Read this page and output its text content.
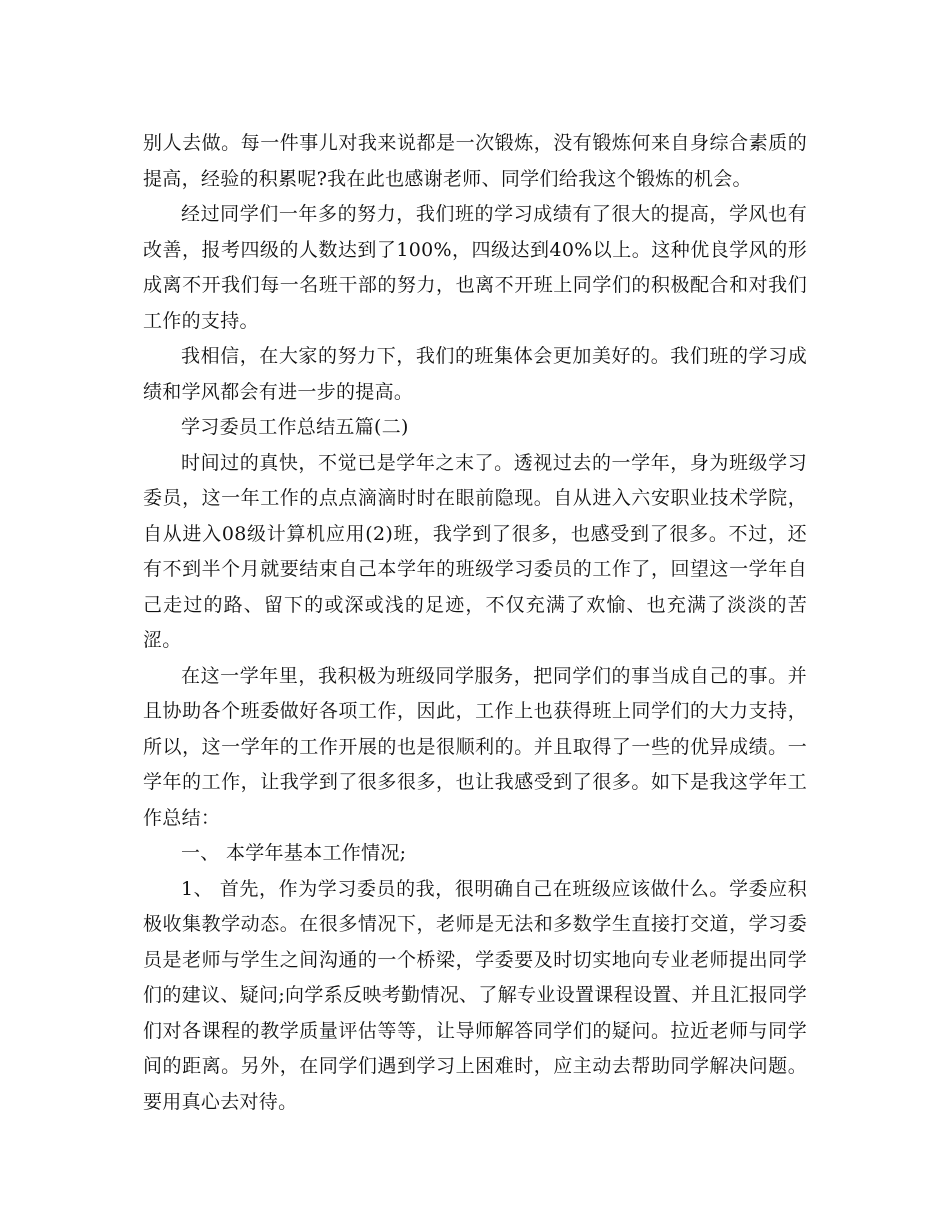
别人去做。每一件事儿对我来说都是一次锻炼，没有锻炼何来自身综合素质的提高，经验的积累呢?我在此也感谢老师、同学们给我这个锻炼的机会。

经过同学们一年多的努力，我们班的学习成绩有了很大的提高，学风也有改善，报考四级的人数达到了100%，四级达到40%以上。这种优良学风的形成离不开我们每一名班干部的努力，也离不开班上同学们的积极配合和对我们工作的支持。

我相信，在大家的努力下，我们的班集体会更加美好的。我们班的学习成绩和学风都会有进一步的提高。

学习委员工作总结五篇(二)

时间过的真快，不觉已是学年之末了。透视过去的一学年，身为班级学习委员，这一年工作的点点滴滴时时在眼前隐现。自从进入六安职业技术学院，自从进入08级计算机应用(2)班，我学到了很多，也感受到了很多。不过，还有不到半个月就要结束自己本学年的班级学习委员的工作了，回望这一学年自己走过的路、留下的或深或浅的足迹，不仅充满了欢愉、也充满了淡淡的苦涩。

在这一学年里，我积极为班级同学服务，把同学们的事当成自己的事。并且协助各个班委做好各项工作，因此，工作上也获得班上同学们的大力支持，所以，这一学年的工作开展的也是很顺利的。并且取得了一些的优异成绩。一学年的工作，让我学到了很多很多，也让我感受到了很多。如下是我这学年工作总结：

一、 本学年基本工作情况;

1、 首先，作为学习委员的我，很明确自己在班级应该做什么。学委应积极收集教学动态。在很多情况下，老师是无法和多数学生直接打交道，学习委员是老师与学生之间沟通的一个桥梁，学委要及时切实地向专业老师提出同学们的建议、疑问;向学系反映考勤情况、了解专业设置课程设置、并且汇报同学们对各课程的教学质量评估等等，让导师解答同学们的疑问。拉近老师与同学间的距离。另外，在同学们遇到学习上困难时，应主动去帮助同学解决问题。要用真心去对待。
